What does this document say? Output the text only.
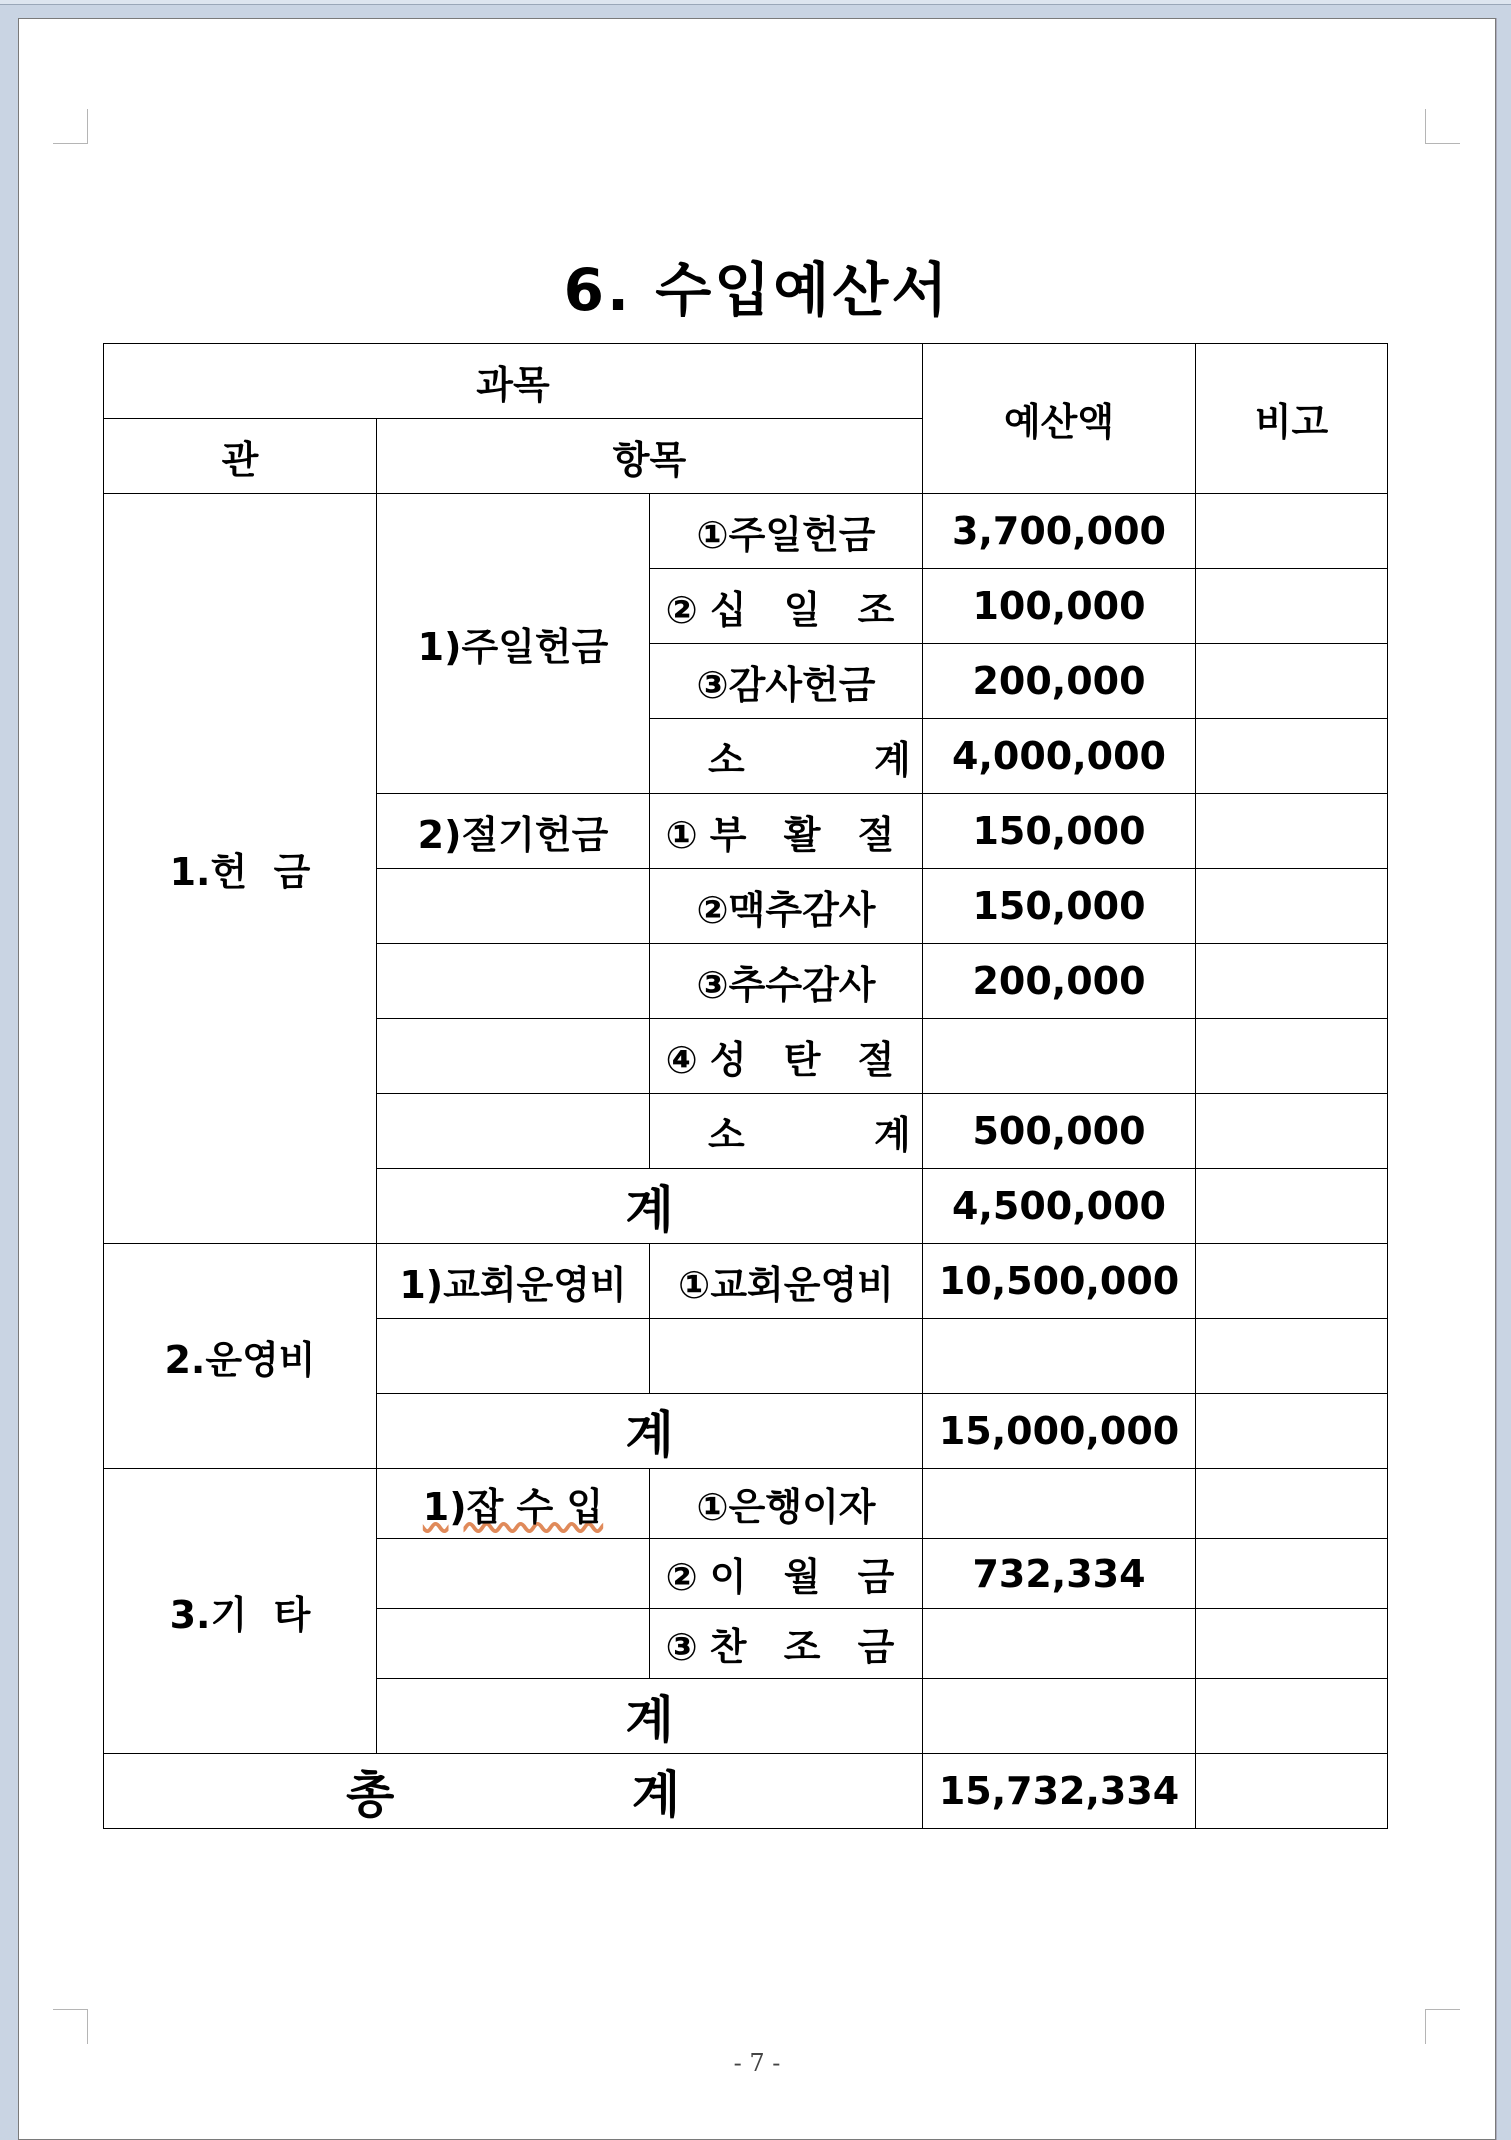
6. 수입예산서
과목			예산액	비고
관	항목			
1.헌  금	1)주일헌금	①주일헌금	3,700,000	
		②십 일 조	100,000	
		③감사헌금	200,000	
		소 계	4,000,000	
	2)절기헌금	①부 활 절	150,000	
		②맥추감사	150,000	
		③추수감사	200,000	
		④성 탄 절		
		소 계	500,000	
	계		4,500,000	
2.운영비	1)교회운영비	①교회운영비	10,500,000	

	계		15,000,000	
3.기  타	1)잡 수 입	①은행이자		
		②이 월 금	732,334	
		③찬 조 금		
	계			
총 계			15,732,334	
- 7 -
